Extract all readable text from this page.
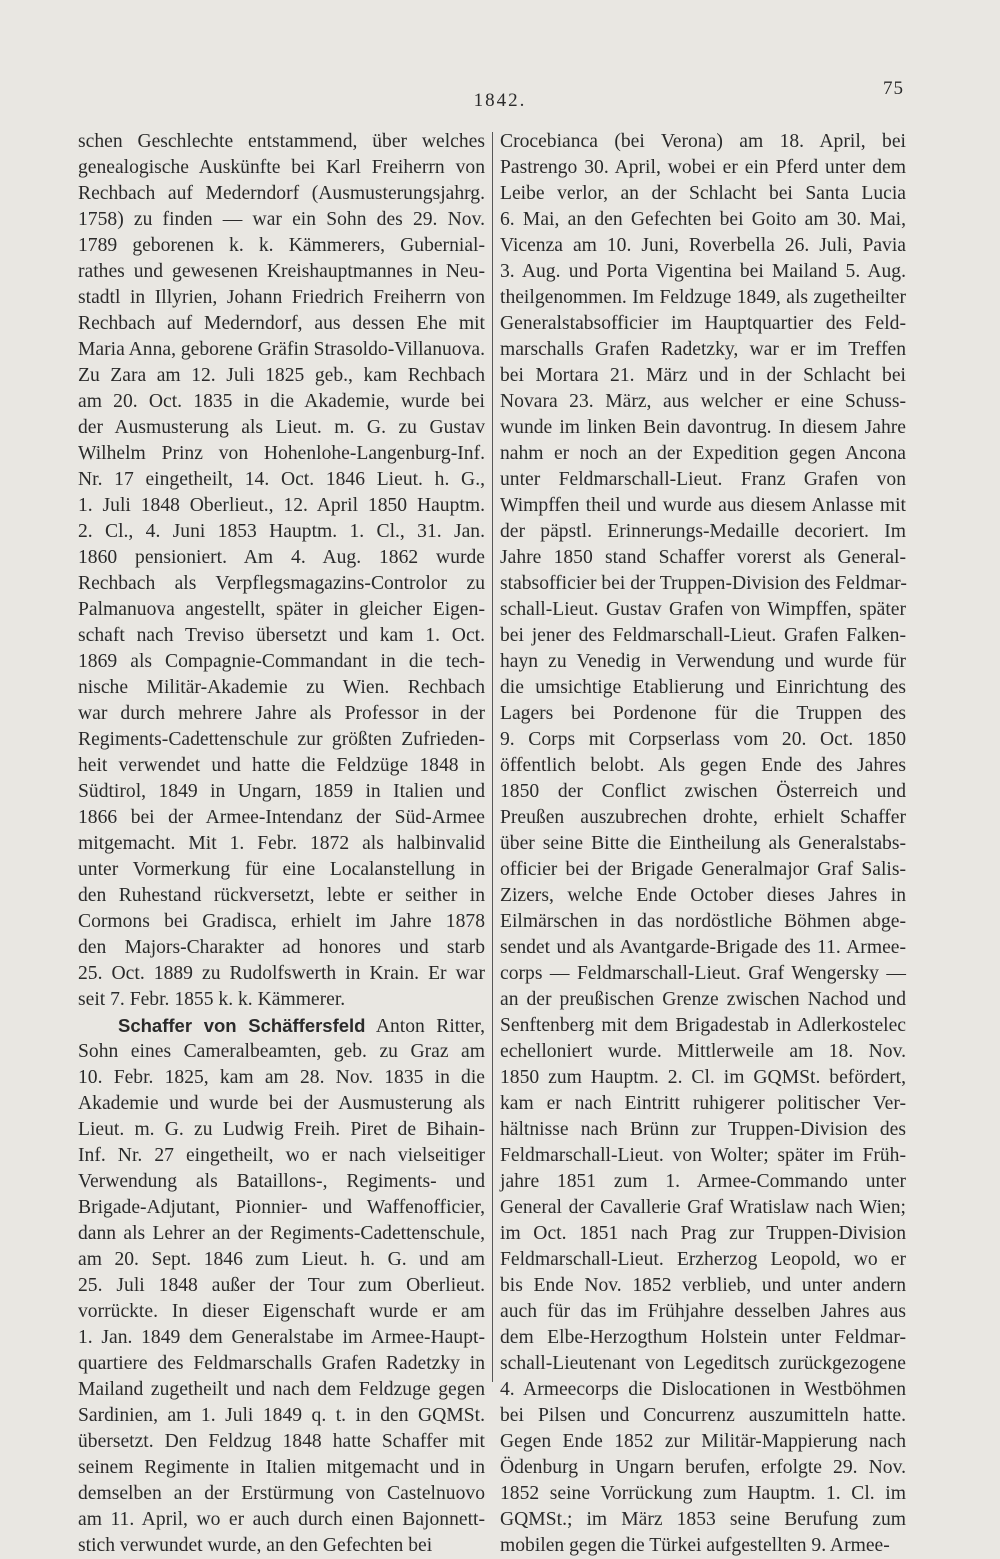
1842.
75
schen Geschlechte entstammend, über welches
genealogische Auskünfte bei Karl Freiherrn von
Rechbach auf Mederndorf (Ausmusterungsjahrg.
1758) zu finden — war ein Sohn des 29. Nov.
1789 geborenen k. k. Kämmerers, Gubernial-
rathes und gewesenen Kreishauptmannes in Neu-
stadtl in Illyrien, Johann Friedrich Freiherrn von
Rechbach auf Mederndorf, aus dessen Ehe mit
Maria Anna, geborene Gräfin Strasoldo-Villanuova.
Zu Zara am 12. Juli 1825 geb., kam Rechbach
am 20. Oct. 1835 in die Akademie, wurde bei
der Ausmusterung als Lieut. m. G. zu Gustav
Wilhelm Prinz von Hohenlohe-Langenburg-Inf.
Nr. 17 eingetheilt, 14. Oct. 1846 Lieut. h. G.,
1. Juli 1848 Oberlieut., 12. April 1850 Hauptm.
2. Cl., 4. Juni 1853 Hauptm. 1. Cl., 31. Jan.
1860 pensioniert. Am 4. Aug. 1862 wurde
Rechbach als Verpflegsmagazins-Controlor zu
Palmanuova angestellt, später in gleicher Eigen-
schaft nach Treviso übersetzt und kam 1. Oct.
1869 als Compagnie-Commandant in die tech-
nische Militär-Akademie zu Wien. Rechbach
war durch mehrere Jahre als Professor in der
Regiments-Cadettenschule zur größten Zufrieden-
heit verwendet und hatte die Feldzüge 1848 in
Südtirol, 1849 in Ungarn, 1859 in Italien und
1866 bei der Armee-Intendanz der Süd-Armee
mitgemacht. Mit 1. Febr. 1872 als halbinvalid
unter Vormerkung für eine Localanstellung in
den Ruhestand rückversetzt, lebte er seither in
Cormons bei Gradisca, erhielt im Jahre 1878
den Majors-Charakter ad honores und starb
25. Oct. 1889 zu Rudolfswerth in Krain. Er war
seit 7. Febr. 1855 k. k. Kämmerer.
Schaffer von Schäffersfeld Anton Ritter,
Sohn eines Cameralbeamten, geb. zu Graz am
10. Febr. 1825, kam am 28. Nov. 1835 in die
Akademie und wurde bei der Ausmusterung als
Lieut. m. G. zu Ludwig Freih. Piret de Bihain-
Inf. Nr. 27 eingetheilt, wo er nach vielseitiger
Verwendung als Bataillons-, Regiments- und
Brigade-Adjutant, Pionnier- und Waffenofficier,
dann als Lehrer an der Regiments-Cadettenschule,
am 20. Sept. 1846 zum Lieut. h. G. und am
25. Juli 1848 außer der Tour zum Oberlieut.
vorrückte. In dieser Eigenschaft wurde er am
1. Jan. 1849 dem Generalstabe im Armee-Haupt-
quartiere des Feldmarschalls Grafen Radetzky in
Mailand zugetheilt und nach dem Feldzuge gegen
Sardinien, am 1. Juli 1849 q. t. in den GQMSt.
übersetzt. Den Feldzug 1848 hatte Schaffer mit
seinem Regimente in Italien mitgemacht und in
demselben an der Erstürmung von Castelnuovo
am 11. April, wo er auch durch einen Bajonnett-
stich verwundet wurde, an den Gefechten bei
Crocebianca (bei Verona) am 18. April, bei
Pastrengo 30. April, wobei er ein Pferd unter dem
Leibe verlor, an der Schlacht bei Santa Lucia
6. Mai, an den Gefechten bei Goito am 30. Mai,
Vicenza am 10. Juni, Roverbella 26. Juli, Pavia
3. Aug. und Porta Vigentina bei Mailand 5. Aug.
theilgenommen. Im Feldzuge 1849, als zugetheilter
Generalstabsofficier im Hauptquartier des Feld-
marschalls Grafen Radetzky, war er im Treffen
bei Mortara 21. März und in der Schlacht bei
Novara 23. März, aus welcher er eine Schuss-
wunde im linken Bein davontrug. In diesem Jahre
nahm er noch an der Expedition gegen Ancona
unter Feldmarschall-Lieut. Franz Grafen von
Wimpffen theil und wurde aus diesem Anlasse mit
der päpstl. Erinnerungs-Medaille decoriert. Im
Jahre 1850 stand Schaffer vorerst als General-
stabsofficier bei der Truppen-Division des Feldmar-
schall-Lieut. Gustav Grafen von Wimpffen, später
bei jener des Feldmarschall-Lieut. Grafen Falken-
hayn zu Venedig in Verwendung und wurde für
die umsichtige Etablierung und Einrichtung des
Lagers bei Pordenone für die Truppen des
9. Corps mit Corpserlass vom 20. Oct. 1850
öffentlich belobt. Als gegen Ende des Jahres
1850 der Conflict zwischen Österreich und
Preußen auszubrechen drohte, erhielt Schaffer
über seine Bitte die Eintheilung als Generalstabs-
officier bei der Brigade Generalmajor Graf Salis-
Zizers, welche Ende October dieses Jahres in
Eilmärschen in das nordöstliche Böhmen abge-
sendet und als Avantgarde-Brigade des 11. Armee-
corps — Feldmarschall-Lieut. Graf Wengersky —
an der preußischen Grenze zwischen Nachod und
Senftenberg mit dem Brigadestab in Adlerkostelec
echelloniert wurde. Mittlerweile am 18. Nov.
1850 zum Hauptm. 2. Cl. im GQMSt. befördert,
kam er nach Eintritt ruhigerer politischer Ver-
hältnisse nach Brünn zur Truppen-Division des
Feldmarschall-Lieut. von Wolter; später im Früh-
jahre 1851 zum 1. Armee-Commando unter
General der Cavallerie Graf Wratislaw nach Wien;
im Oct. 1851 nach Prag zur Truppen-Division
Feldmarschall-Lieut. Erzherzog Leopold, wo er
bis Ende Nov. 1852 verblieb, und unter andern
auch für das im Frühjahre desselben Jahres aus
dem Elbe-Herzogthum Holstein unter Feldmar-
schall-Lieutenant von Legeditsch zurückgezogene
4. Armeecorps die Dislocationen in Westböhmen
bei Pilsen und Concurrenz auszumitteln hatte.
Gegen Ende 1852 zur Militär-Mappierung nach
Ödenburg in Ungarn berufen, erfolgte 29. Nov.
1852 seine Vorrückung zum Hauptm. 1. Cl. im
GQMSt.; im März 1853 seine Berufung zum
mobilen gegen die Türkei aufgestellten 9. Armee-
